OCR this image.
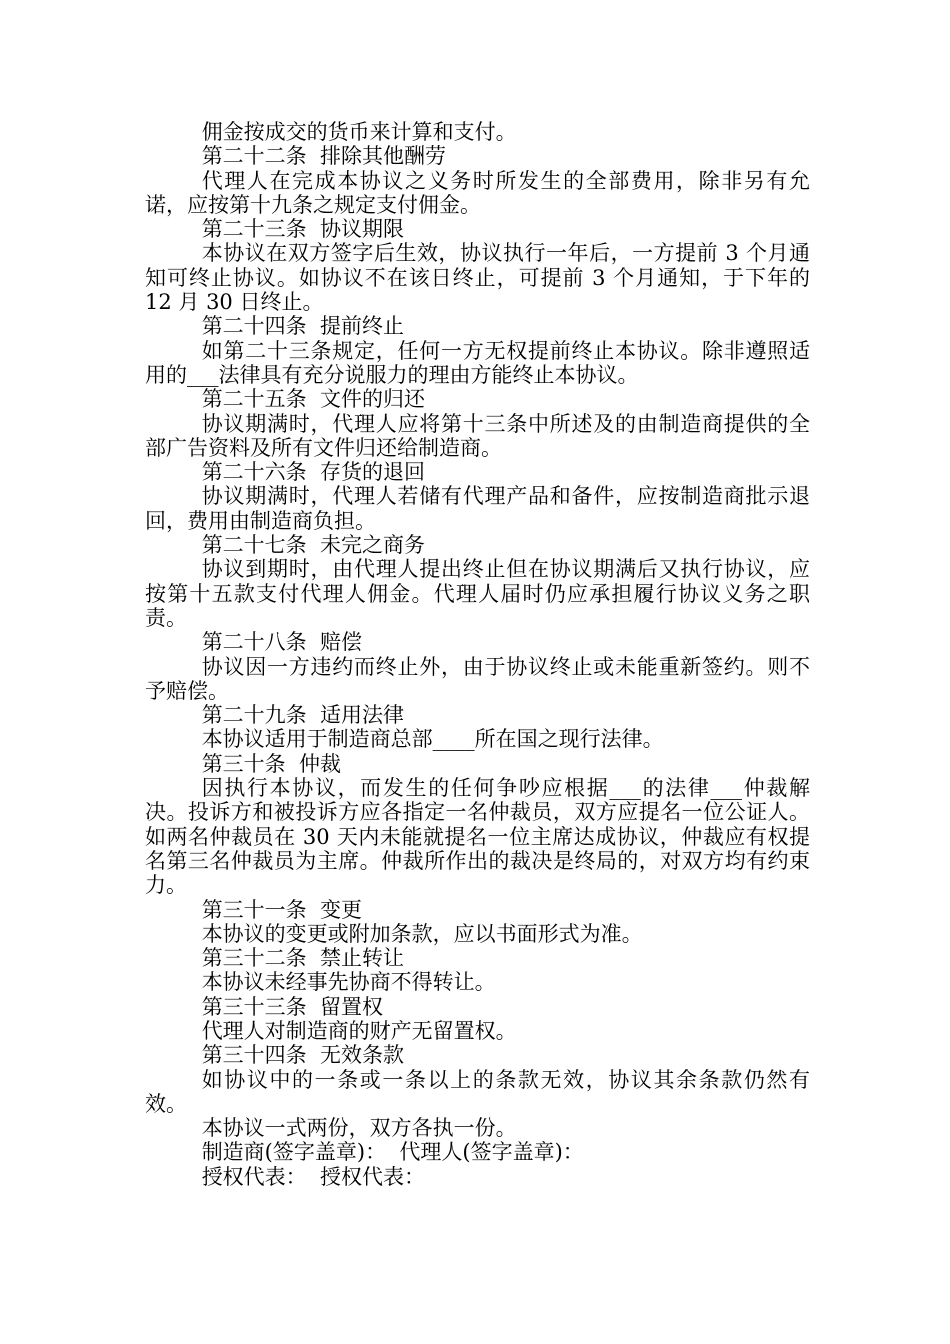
佣金按成交的货币来计算和支付。

第二十二条  排除其他酬劳

代理人在完成本协议之义务时所发生的全部费用，除非另有允诺，应按第十九条之规定支付佣金。

第二十三条  协议期限

本协议在双方签字后生效，协议执行一年后，一方提前 3 个月通知可终止协议。如协议不在该日终止，可提前 3 个月通知，于下年的 12 月 30 日终止。

第二十四条  提前终止

如第二十三条规定，任何一方无权提前终止本协议。除非遵照适用的___法律具有充分说服力的理由方能终止本协议。

第二十五条  文件的归还

协议期满时，代理人应将第十三条中所述及的由制造商提供的全部广告资料及所有文件归还给制造商。

第二十六条  存货的退回

协议期满时，代理人若储有代理产品和备件，应按制造商批示退回，费用由制造商负担。

第二十七条  未完之商务

协议到期时，由代理人提出终止但在协议期满后又执行协议，应按第十五款支付代理人佣金。代理人届时仍应承担履行协议义务之职责。

第二十八条  赔偿

协议因一方违约而终止外，由于协议终止或未能重新签约。则不予赔偿。

第二十九条  适用法律

本协议适用于制造商总部____所在国之现行法律。

第三十条  仲裁

因执行本协议，而发生的任何争吵应根据___的法律___仲裁解决。投诉方和被投诉方应各指定一名仲裁员，双方应提名一位公证人。 如两名仲裁员在 30 天内未能就提名一位主席达成协议，仲裁应有权提名第三名仲裁员为主席。仲裁所作出的裁决是终局的，对双方均有约束力。

第三十一条  变更

本协议的变更或附加条款，应以书面形式为准。

第三十二条  禁止转让

本协议未经事先协商不得转让。

第三十三条  留置权

代理人对制造商的财产无留置权。

第三十四条  无效条款

如协议中的一条或一条以上的条款无效，协议其余条款仍然有效。

本协议一式两份，双方各执一份。

制造商(签字盖章)：  代理人(签字盖章)：

授权代表：  授权代表：
